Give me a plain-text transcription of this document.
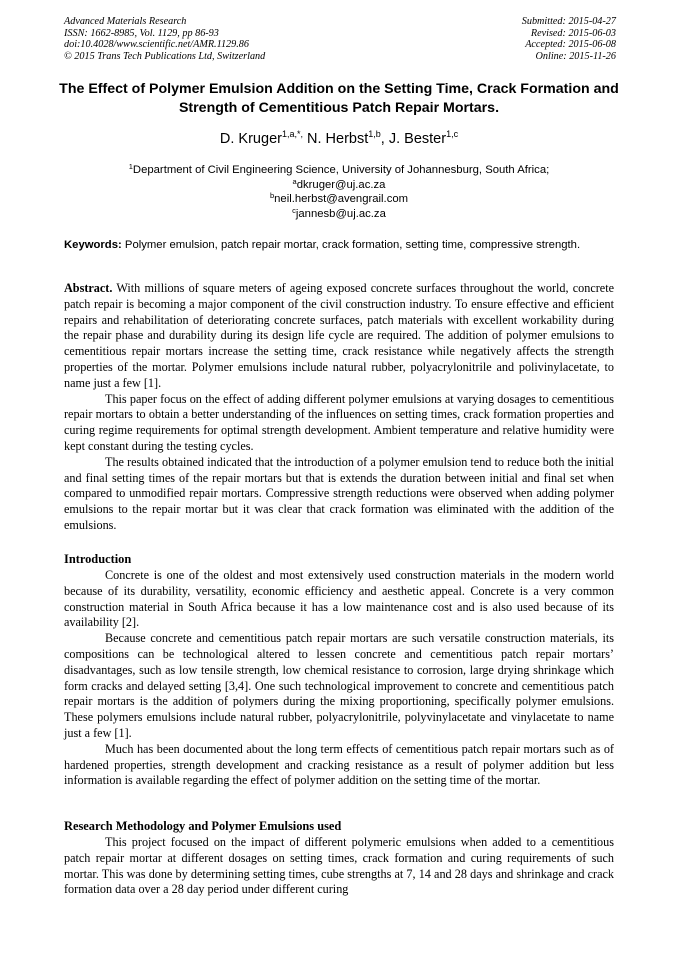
Advanced Materials Research
ISSN: 1662-8985, Vol. 1129, pp 86-93
doi:10.4028/www.scientific.net/AMR.1129.86
© 2015 Trans Tech Publications Ltd, Switzerland
Submitted: 2015-04-27
Revised: 2015-06-03
Accepted: 2015-06-08
Online: 2015-11-26
The Effect of Polymer Emulsion Addition on the Setting Time, Crack Formation and Strength of Cementitious Patch Repair Mortars.
D. Kruger$^{1,a,*,}$ N. Herbst$^{1,b}$, J. Bester$^{1,c}$
$^1$Department of Civil Engineering Science, University of Johannesburg, South Africa;
$^a$dkruger@uj.ac.za
$^b$neil.herbst@avengrail.com
$^c$jannesb@uj.ac.za
Keywords: Polymer emulsion, patch repair mortar, crack formation, setting time, compressive strength.

Abstract. With millions of square meters of ageing exposed concrete surfaces throughout the world, concrete patch repair is becoming a major component of the civil construction industry. To ensure effective and efficient repairs and rehabilitation of deteriorating concrete surfaces, patch materials with excellent workability during the repair phase and durability during its design life cycle are required. The addition of polymer emulsions to cementitious repair mortars increase the setting time, crack resistance while negatively affects the strength properties of the mortar. Polymer emulsions include natural rubber, polyacrylonitrile and polivinylacetate, to name just a few [1].

This paper focus on the effect of adding different polymer emulsions at varying dosages to cementitious repair mortars to obtain a better understanding of the influences on setting times, crack formation properties and curing regime requirements for optimal strength development. Ambient temperature and relative humidity were kept constant during the testing cycles.

The results obtained indicated that the introduction of a polymer emulsion tend to reduce both the initial and final setting times of the repair mortars but that is extends the duration between initial and final set when compared to unmodified repair mortars. Compressive strength reductions were observed when adding polymer emulsions to the repair mortar but it was clear that crack formation was eliminated with the addition of the emulsions.

Introduction

Concrete is one of the oldest and most extensively used construction materials in the modern world because of its durability, versatility, economic efficiency and aesthetic appeal. Concrete is a very common construction material in South Africa because it has a low maintenance cost and is also used because of its availability [2].

Because concrete and cementitious patch repair mortars are such versatile construction materials, its compositions can be technological altered to lessen concrete and cementitious patch repair mortars’ disadvantages, such as low tensile strength, low chemical resistance to corrosion, large drying shrinkage which form cracks and delayed setting [3,4]. One such technological improvement to concrete and cementitious patch repair mortars is the addition of polymers during the mixing proportioning, specifically polymer emulsions. These polymers emulsions include natural rubber, polyacrylonitrile, polyvinylacetate and vinylacetate to name just a few [1].

Much has been documented about the long term effects of cementitious patch repair mortars such as of hardened properties, strength development and cracking resistance as a result of polymer addition but less information is available regarding the effect of polymer addition on the setting time of the mortar.

Research Methodology and Polymer Emulsions used

This project focused on the impact of different polymeric emulsions when added to a cementitious patch repair mortar at different dosages on setting times, crack formation and curing requirements of such mortar. This was done by determining setting times, cube strengths at 7, 14 and 28 days and shrinkage and crack formation data over a 28 day period under different curing
